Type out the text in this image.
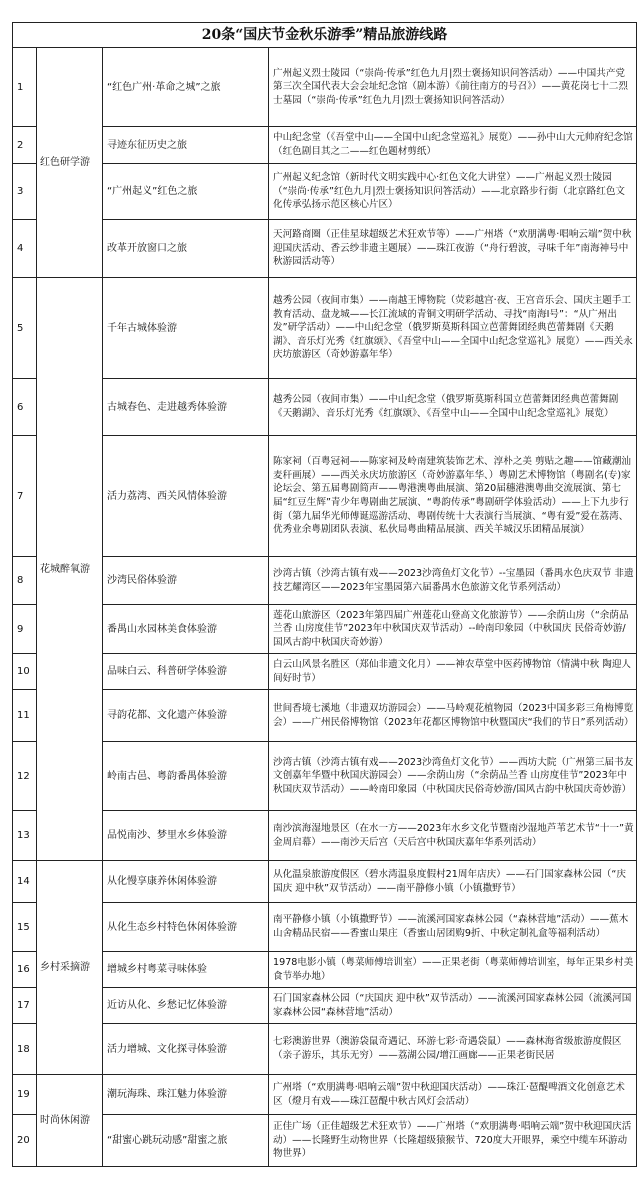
20条“国庆节金秋乐游季”精品旅游线路			
1	红色研学游	“红色广州·革命之城”之旅	广州起义烈士陵园（“崇尚·传承”红色九月|烈士褒扬知识问答活动）——中国共产党第三次全国代表大会会址纪念馆（剧本游）《前往南方的号召》）——黄花岗七十二烈士墓园（“崇尚·传承”红色九月|烈士褒扬知识问答活动）
2		寻迹东征历史之旅	中山纪念堂（《吾堂中山——全国中山纪念堂巡礼》展览）——孙中山大元帅府纪念馆（红色剧目其之二——红色题材剪纸）
3		“广州起义”红色之旅	广州起义纪念馆（新时代文明实践中心·红色文化大讲堂）——广州起义烈士陵园（“崇尚·传承”红色九月|烈士褒扬知识问答活动）——北京路步行街（北京路红色文化传承弘扬示范区核心片区）
4		改革开放窗口之旅	天河路商圈（正佳星球超级艺术狂欢节等）——广州塔（“欢朋满粤·唱响云端”贺中秋迎国庆活动、香云纱非遗主题展）——珠江夜游（“舟行碧波，寻味千年”南海神号中秋游园活动等）
5	花城醉氧游	千年古城体验游	越秀公园（夜间市集）——南越王博物院（荧彩越宫·夜、王宫音乐会、国庆主题手工教育活动、盘龙城——长江流域的青铜文明研学活动、寻找“南海I号”：“从广州出发”研学活动）——中山纪念堂（俄罗斯莫斯科国立芭蕾舞团经典芭蕾舞剧《天鹅湖》、音乐灯光秀《红旗颂》、《吾堂中山——全国中山纪念堂巡礼》展览）——西关永庆坊旅游区（奇妙游嘉年华）
6		古城春色、走进越秀体验游	越秀公园（夜间市集）——中山纪念堂（俄罗斯莫斯科国立芭蕾舞团经典芭蕾舞剧《天鹅湖》、音乐灯光秀《红旗颂》、《吾堂中山——全国中山纪念堂巡礼》展览）
7		活力荔湾、西关风情体验游	陈家祠（百粤冠祠——陈家祠及岭南建筑装饰艺术、淳朴之美 剪贴之趣——馆藏潮汕麦秆画展）——西关永庆坊旅游区（奇妙游嘉年华、）粤剧艺术博物馆（粤剧名(专)家论坛会、第五届粤剧简声——粤港澳粤曲展演、第20届穗港澳粤曲交流展演、第七届“红豆生辉”青少年粤剧曲艺展演、“粤韵传承”粤剧研学体验活动）——上下九步行街（第九届华光师傅诞巡游活动、粤剧传统十大表演行当展演、“粤有爱”爱在荔湾、优秀业余粤剧团队表演、私伙局粤曲精品展演、西关羊城汉乐团精品展演）
8		沙湾民俗体验游	沙湾古镇（沙湾古镇有戏——2023沙湾鱼灯文化节）--宝墨园（番禺水色庆双节 非遗技艺耀湾区——2023年宝墨园第六届番禺水色旅游文化节系列活动）
9		番禺山水园林美食体验游	莲花山旅游区（2023年第四届广州莲花山登高文化旅游节）——余荫山房（“余荫品兰香 山房度佳节”2023年中秋国庆双节活动）--岭南印象园（中秋国庆 民俗奇妙游/国风古韵中秋国庆奇妙游）
10		品味白云、科普研学体验游	白云山风景名胜区（郑仙非遗文化月）——神农草堂中医药博物馆（情满中秋 陶迎人间好时节）
11		寻韵花都、文化遗产体验游	世间香境七溪地（非遗双坊游园会）——马岭观花植物园（2023中国多彩三角梅博览会）——广州民俗博物馆（2023年花都区博物馆中秋暨国庆“我们的节日”系列活动）
12		岭南古邑、粤韵番禺体验游	沙湾古镇（沙湾古镇有戏——2023沙湾鱼灯文化节）——西坊大院（广州第三届书友文创嘉年华暨中秋国庆游园会）——余荫山房（“余荫品兰香 山房度佳节”2023年中秋国庆双节活动）——岭南印象园（中秋国庆民俗奇妙游/国风古韵中秋国庆奇妙游）
13		品悦南沙、梦里水乡体验游	南沙滨海湿地景区（在水一方——2023年水乡文化节暨南沙湿地芦苇艺术节“十一”黄金周启幕）——南沙天后宫（天后宫中秋国庆嘉年华系列活动）
14	乡村采摘游	从化慢享康养休闲体验游	从化温泉旅游度假区（碧水湾温泉度假村21周年店庆）——石门国家森林公园（“庆国庆 迎中秋”双节活动）——南平静修小镇（小镇撒野节）
15		从化生态乡村特色休闲体验游	南平静修小镇（小镇撒野节）——流溪河国家森林公园（“森林营地”活动）——蕉木山舍精品民宿——香蜜山果庄（香蜜山居团购9折、中秋定制礼盒等福利活动）
16		增城乡村粤菜寻味体验	1978电影小镇（粤菜师傅培训室）——正果老街（粤菜师傅培训室，每年正果乡村美食节举办地）
17		近访从化、乡愁记忆体验游	石门国家森林公园（“庆国庆 迎中秋”双节活动）——流溪河国家森林公园（流溪河国家森林公园“森林营地”活动）
18		活力增城、文化探寻体验游	七彩澳游世界（澳游袋鼠奇遇记、环游七彩·奇遇袋鼠）——森林海省级旅游度假区（亲子游乐，其乐无穷）——荔湖公园/增江画廊——正果老街民居
19	时尚休闲游	潮玩海珠、珠江魅力体验游	广州塔（“欢朋满粤·唱响云端”贺中秋迎国庆活动）——珠江·琶醍啤酒文化创意艺术区（燈月有戏——珠江琶醍中秋古风灯会活动）
20		“甜蜜心跳玩动感”甜蜜之旅	正佳广场（正佳超级艺术狂欢节）——广州塔（“欢朋满粤·唱响云端”贺中秋迎国庆活动）——长隆野生动物世界（长隆超级猿猴节、720度大开眼界，乘空中缆车环游动物世界）
